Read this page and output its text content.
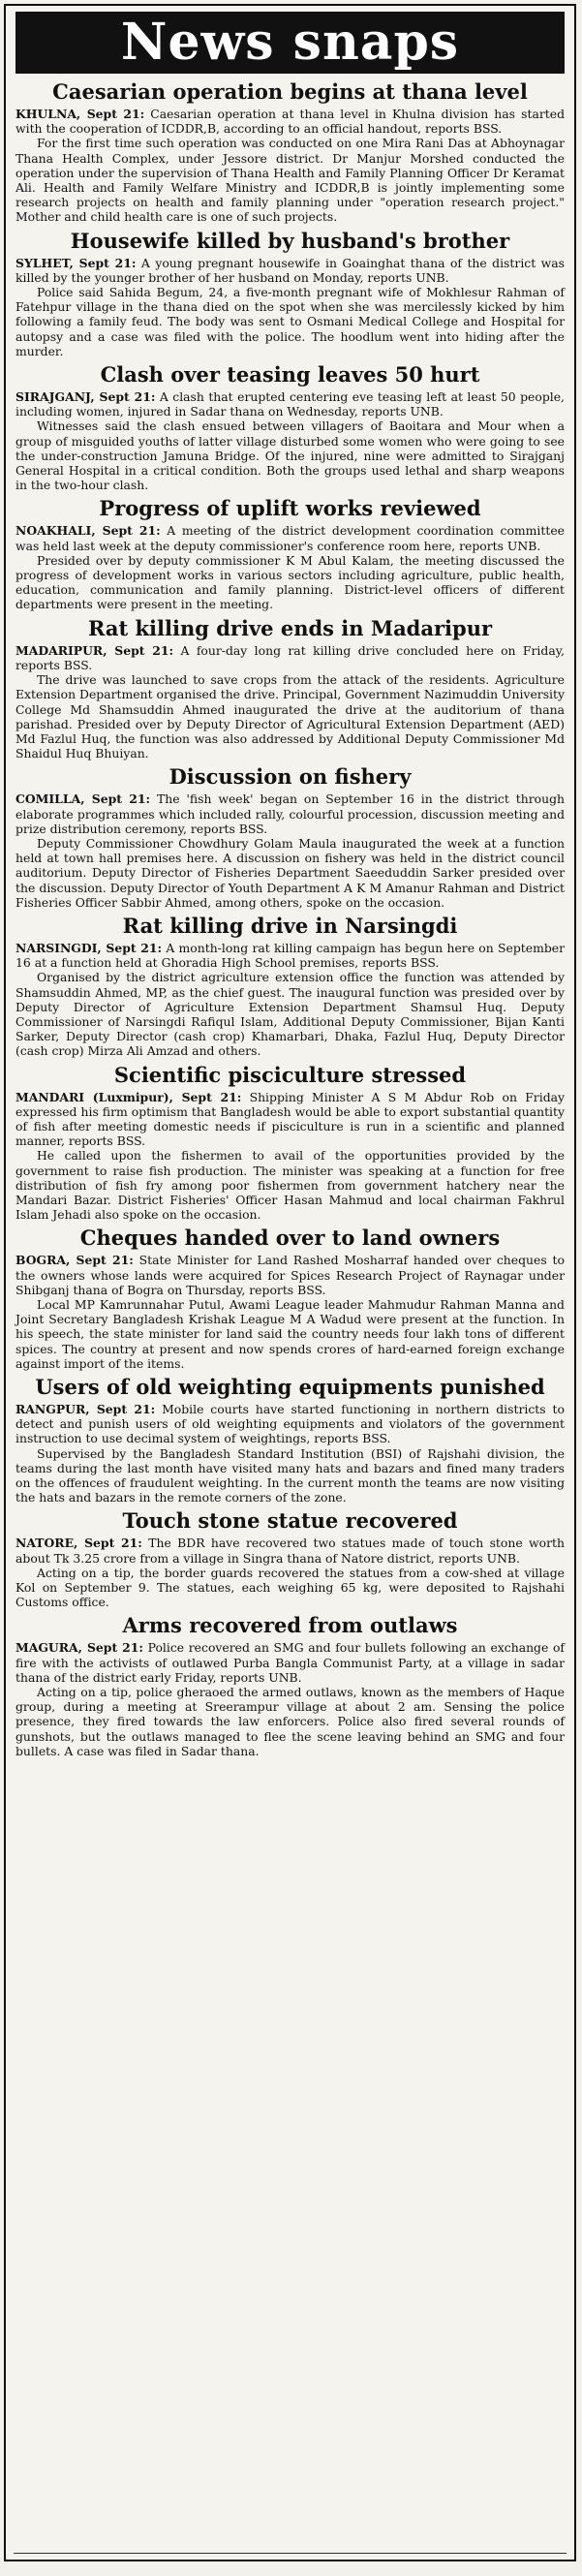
News snaps
Caesarian operation begins at thana level

KHULNA, Sept 21: Caesarian operation at thana level in Khulna division has started with the cooperation of ICDDR,B, according to an official handout, reports BSS.

For the first time such operation was conducted on one Mira Rani Das at Abhoynagar Thana Health Complex, under Jessore district. Dr Manjur Morshed conducted the operation under the supervision of Thana Health and Family Planning Officer Dr Keramat Ali. Health and Family Welfare Ministry and ICDDR,B is jointly implementing some research projects on health and family planning under "operation research project." Mother and child health care is one of such projects.

Housewife killed by husband's brother

SYLHET, Sept 21: A young pregnant housewife in Goainghat thana of the district was killed by the younger brother of her husband on Monday, reports UNB.

Police said Sahida Begum, 24, a five-month pregnant wife of Mokhlesur Rahman of Fatehpur village in the thana died on the spot when she was mercilessly kicked by him following a family feud. The body was sent to Osmani Medical College and Hospital for autopsy and a case was filed with the police. The hoodlum went into hiding after the murder.

Clash over teasing leaves 50 hurt

SIRAJGANJ, Sept 21: A clash that erupted centering eve teasing left at least 50 people, including women, injured in Sadar thana on Wednesday, reports UNB.

Witnesses said the clash ensued between villagers of Baoitara and Mour when a group of misguided youths of latter village disturbed some women who were going to see the under-construction Jamuna Bridge. Of the injured, nine were admitted to Sirajganj General Hospital in a critical condition. Both the groups used lethal and sharp weapons in the two-hour clash.

Progress of uplift works reviewed

NOAKHALI, Sept 21: A meeting of the district development coordination committee was held last week at the deputy commissioner's conference room here, reports UNB.

Presided over by deputy commissioner K M Abul Kalam, the meeting discussed the progress of development works in various sectors including agriculture, public health, education, communication and family planning. District-level officers of different departments were present in the meeting.

Rat killing drive ends in Madaripur

MADARIPUR, Sept 21: A four-day long rat killing drive concluded here on Friday, reports BSS.

The drive was launched to save crops from the attack of the residents. Agriculture Extension Department organised the drive. Principal, Government Nazimuddin University College Md Shamsuddin Ahmed inaugurated the drive at the auditorium of thana parishad. Presided over by Deputy Director of Agricultural Extension Department (AED) Md Fazlul Huq, the function was also addressed by Additional Deputy Commissioner Md Shaidul Huq Bhuiyan.

Discussion on fishery

COMILLA, Sept 21: The 'fish week' began on September 16 in the district through elaborate programmes which included rally, colourful procession, discussion meeting and prize distribution ceremony, reports BSS.

Deputy Commissioner Chowdhury Golam Maula inaugurated the week at a function held at town hall premises here. A discussion on fishery was held in the district council auditorium. Deputy Director of Fisheries Department Saeeduddin Sarker presided over the discussion. Deputy Director of Youth Department A K M Amanur Rahman and District Fisheries Officer Sabbir Ahmed, among others, spoke on the occasion.

Rat killing drive in Narsingdi

NARSINGDI, Sept 21: A month-long rat killing campaign has begun here on September 16 at a function held at Ghoradia High School premises, reports BSS.

Organised by the district agriculture extension office the function was attended by Shamsuddin Ahmed, MP, as the chief guest. The inaugural function was presided over by Deputy Director of Agriculture Extension Department Shamsul Huq. Deputy Commissioner of Narsingdi Rafiqul Islam, Additional Deputy Commissioner, Bijan Kanti Sarker, Deputy Director (cash crop) Khamarbari, Dhaka, Fazlul Huq, Deputy Director (cash crop) Mirza Ali Amzad and others.

Scientific pisciculture stressed

MANDARI (Luxmipur), Sept 21: Shipping Minister A S M Abdur Rob on Friday expressed his firm optimism that Bangladesh would be able to export substantial quantity of fish after meeting domestic needs if pisciculture is run in a scientific and planned manner, reports BSS.

He called upon the fishermen to avail of the opportunities provided by the government to raise fish production. The minister was speaking at a function for free distribution of fish fry among poor fishermen from government hatchery near the Mandari Bazar. District Fisheries' Officer Hasan Mahmud and local chairman Fakhrul Islam Jehadi also spoke on the occasion.

Cheques handed over to land owners

BOGRA, Sept 21: State Minister for Land Rashed Mosharraf handed over cheques to the owners whose lands were acquired for Spices Research Project of Raynagar under Shibganj thana of Bogra on Thursday, reports BSS.

Local MP Kamrunnahar Putul, Awami League leader Mahmudur Rahman Manna and Joint Secretary Bangladesh Krishak League M A Wadud were present at the function. In his speech, the state minister for land said the country needs four lakh tons of different spices. The country at present and now spends crores of hard-earned foreign exchange against import of the items.

Users of old weighting equipments punished

RANGPUR, Sept 21: Mobile courts have started functioning in northern districts to detect and punish users of old weighting equipments and violators of the government instruction to use decimal system of weightings, reports BSS.

Supervised by the Bangladesh Standard Institution (BSI) of Rajshahi division, the teams during the last month have visited many hats and bazars and fined many traders on the offences of fraudulent weighting. In the current month the teams are now visiting the hats and bazars in the remote corners of the zone.

Touch stone statue recovered

NATORE, Sept 21: The BDR have recovered two statues made of touch stone worth about Tk 3.25 crore from a village in Singra thana of Natore district, reports UNB.

Acting on a tip, the border guards recovered the statues from a cow-shed at village Kol on September 9. The statues, each weighing 65 kg, were deposited to Rajshahi Customs office.

Arms recovered from outlaws

MAGURA, Sept 21: Police recovered an SMG and four bullets following an exchange of fire with the activists of outlawed Purba Bangla Communist Party, at a village in sadar thana of the district early Friday, reports UNB.

Acting on a tip, police gheraoed the armed outlaws, known as the members of Haque group, during a meeting at Sreerampur village at about 2 am. Sensing the police presence, they fired towards the law enforcers. Police also fired several rounds of gunshots, but the outlaws managed to flee the scene leaving behind an SMG and four bullets. A case was filed in Sadar thana.
